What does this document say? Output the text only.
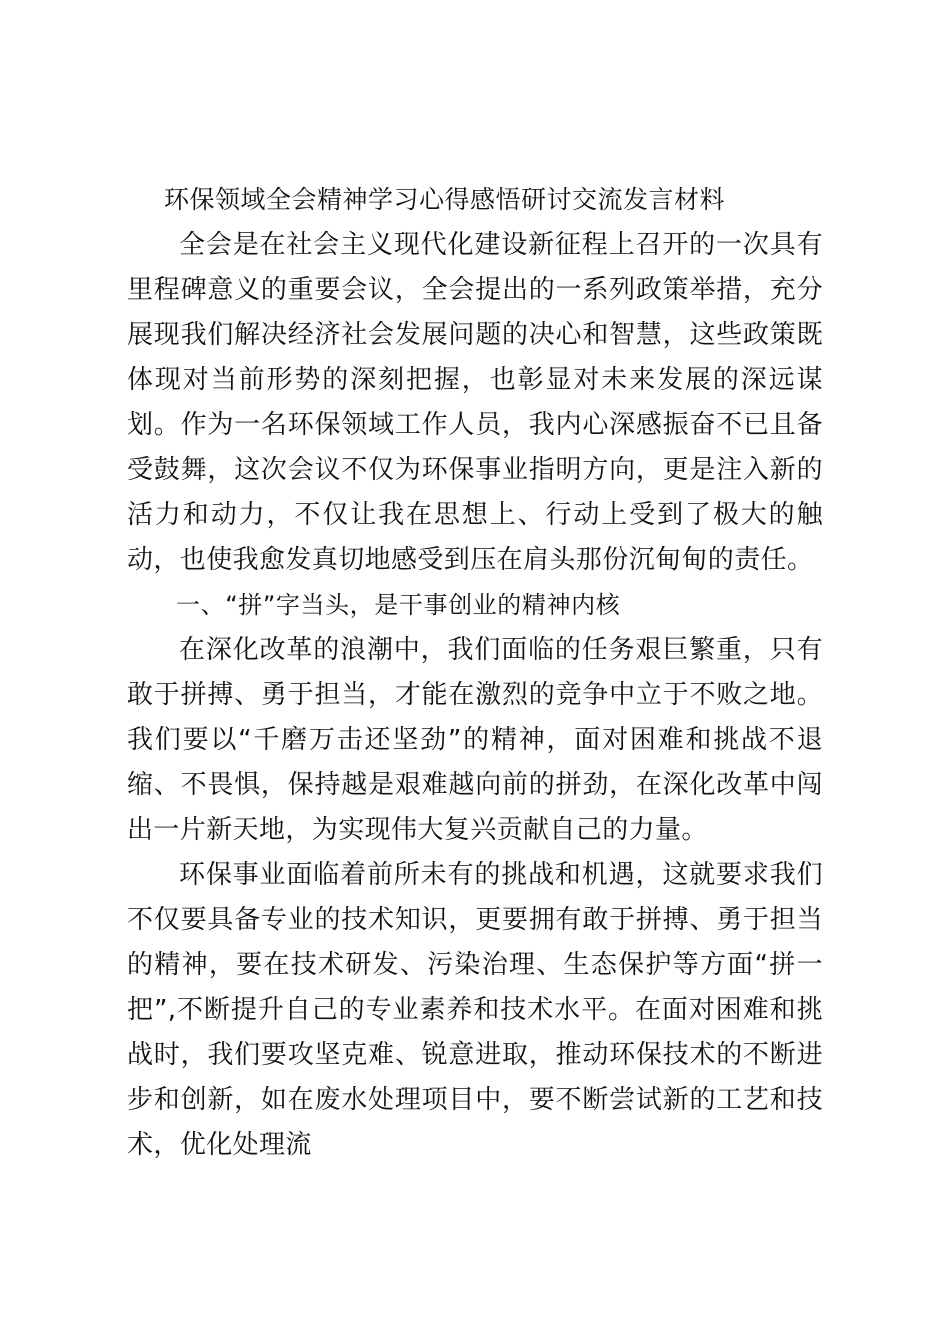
环保领域全会精神学习心得感悟研讨交流发言材料

全会是在社会主义现代化建设新征程上召开的一次具有里程碑意义的重要会议，全会提出的一系列政策举措，充分展现我们解决经济社会发展问题的决心和智慧，这些政策既体现对当前形势的深刻把握，也彰显对未来发展的深远谋划。作为一名环保领域工作人员，我内心深感振奋不已且备受鼓舞，这次会议不仅为环保事业指明方向，更是注入新的活力和动力，不仅让我在思想上、行动上受到了极大的触动，也使我愈发真切地感受到压在肩头那份沉甸甸的责任。

一、“拼”字当头，是干事创业的精神内核

在深化改革的浪潮中，我们面临的任务艰巨繁重，只有敢于拼搏、勇于担当，才能在激烈的竞争中立于不败之地。我们要以“千磨万击还坚劲”的精神，面对困难和挑战不退缩、不畏惧，保持越是艰难越向前的拼劲，在深化改革中闯出一片新天地，为实现伟大复兴贡献自己的力量。

环保事业面临着前所未有的挑战和机遇，这就要求我们不仅要具备专业的技术知识，更要拥有敢于拼搏、勇于担当的精神，要在技术研发、污染治理、生态保护等方面“拼一把”,不断提升自己的专业素养和技术水平。在面对困难和挑战时，我们要攻坚克难、锐意进取，推动环保技术的不断进步和创新，如在废水处理项目中，要不断尝试新的工艺和技术，优化处理流
